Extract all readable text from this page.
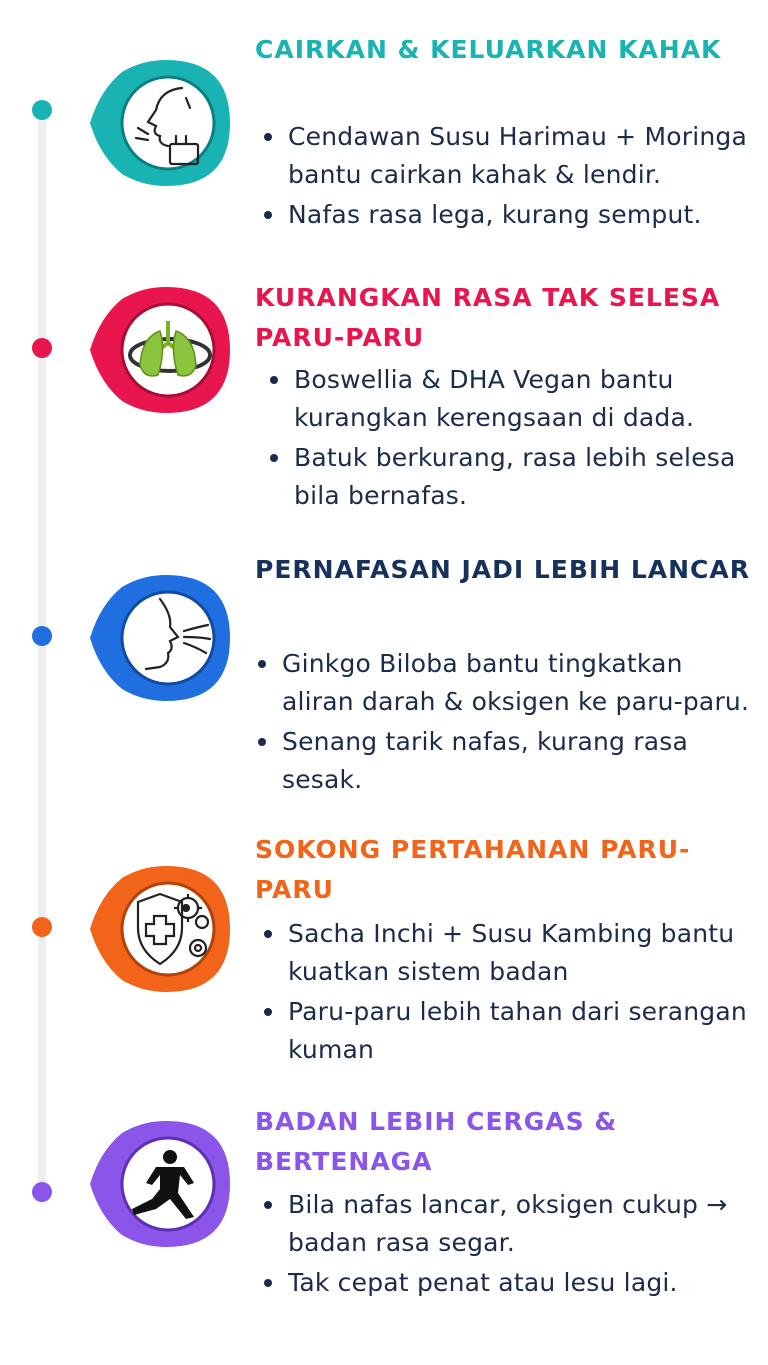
CAIRKAN & KELUARKAN KAHAK
Cendawan Susu Harimau + Moringa bantu cairkan kahak & lendir.
Nafas rasa lega, kurang semput.
KURANGKAN RASA TAK SELESA PARU-PARU
Boswellia & DHA Vegan bantu kurangkan kerengsaan di dada.
Batuk berkurang, rasa lebih selesa bila bernafas.
PERNAFASAN JADI LEBIH LANCAR
Ginkgo Biloba bantu tingkatkan aliran darah & oksigen ke paru-paru.
Senang tarik nafas, kurang rasa sesak.
SOKONG PERTAHANAN PARU-PARU
Sacha Inchi + Susu Kambing bantu kuatkan sistem badan
Paru-paru lebih tahan dari serangan kuman
BADAN LEBIH CERGAS & BERTENAGA
Bila nafas lancar, oksigen cukup → badan rasa segar.
Tak cepat penat atau lesu lagi.
